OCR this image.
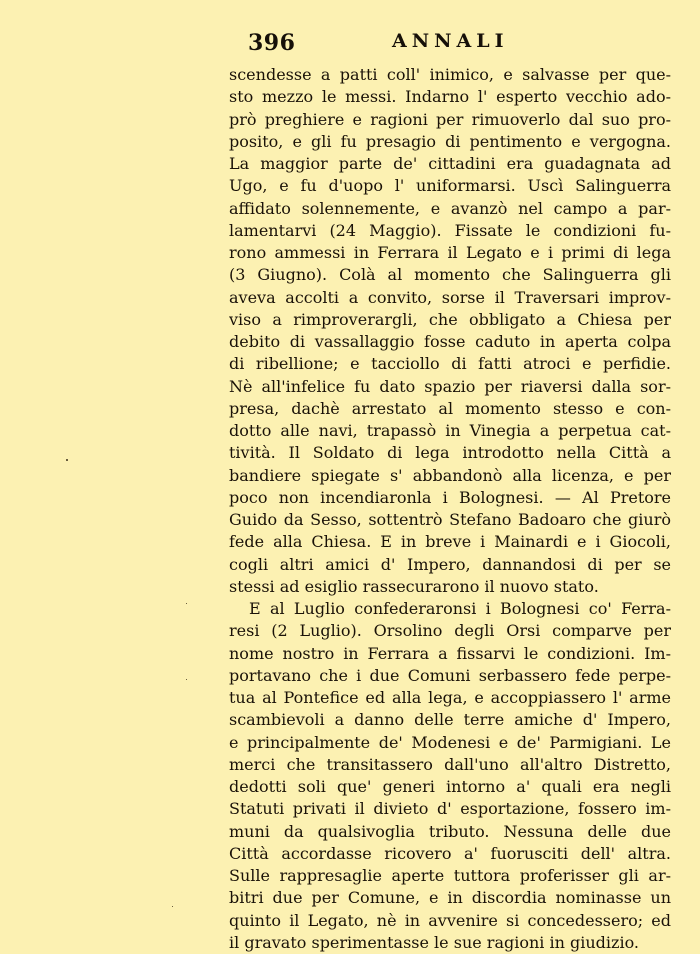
396	ANNALI
scendesse a patti coll' inimico, e salvasse per que-
sto mezzo le messi. Indarno l' esperto vecchio ado-
prò preghiere e ragioni per rimuoverlo dal suo pro-
posito, e gli fu presagio di pentimento e vergogna.
La maggior parte de' cittadini era guadagnata ad
Ugo, e fu d'uopo l' uniformarsi. Uscì Salinguerra
affidato solennemente, e avanzò nel campo a par-
lamentarvi (24 Maggio). Fissate le condizioni fu-
rono ammessi in Ferrara il Legato e i primi di lega
(3 Giugno). Colà al momento che Salinguerra gli
aveva accolti a convito, sorse il Traversari improv-
viso a rimproverargli, che obbligato a Chiesa per
debito di vassallaggio fosse caduto in aperta colpa
di ribellione; e tacciollo di fatti atroci e perfidie.
Nè all'infelice fu dato spazio per riaversi dalla sor-
presa, dachè arrestato al momento stesso e con-
dotto alle navi, trapassò in Vinegia a perpetua cat-
tività. Il Soldato di lega introdotto nella Città a
bandiere spiegate s' abbandonò alla licenza, e per
poco non incendiaronla i Bolognesi. — Al Pretore
Guido da Sesso, sottentrò Stefano Badoaro che giurò
fede alla Chiesa. E in breve i Mainardi e i Giocoli,
cogli altri amici d' Impero, dannandosi di per se
stessi ad esiglio rassecurarono il nuovo stato.
E al Luglio confederaronsi i Bolognesi co' Ferra-
resi (2 Luglio). Orsolino degli Orsi comparve per
nome nostro in Ferrara a fissarvi le condizioni. Im-
portavano che i due Comuni serbassero fede perpe-
tua al Pontefice ed alla lega, e accoppiassero l' arme
scambievoli a danno delle terre amiche d' Impero,
e principalmente de' Modenesi e de' Parmigiani. Le
merci che transitassero dall'uno all'altro Distretto,
dedotti soli que' generi intorno a' quali era negli
Statuti privati il divieto d' esportazione, fossero im-
muni da qualsivoglia tributo. Nessuna delle due
Città accordasse ricovero a' fuorusciti dell' altra.
Sulle rappresaglie aperte tuttora proferisser gli ar-
bitri due per Comune, e in discordia nominasse un
quinto il Legato, nè in avvenire si concedessero; ed
il gravato sperimentasse le sue ragioni in giudizio.
